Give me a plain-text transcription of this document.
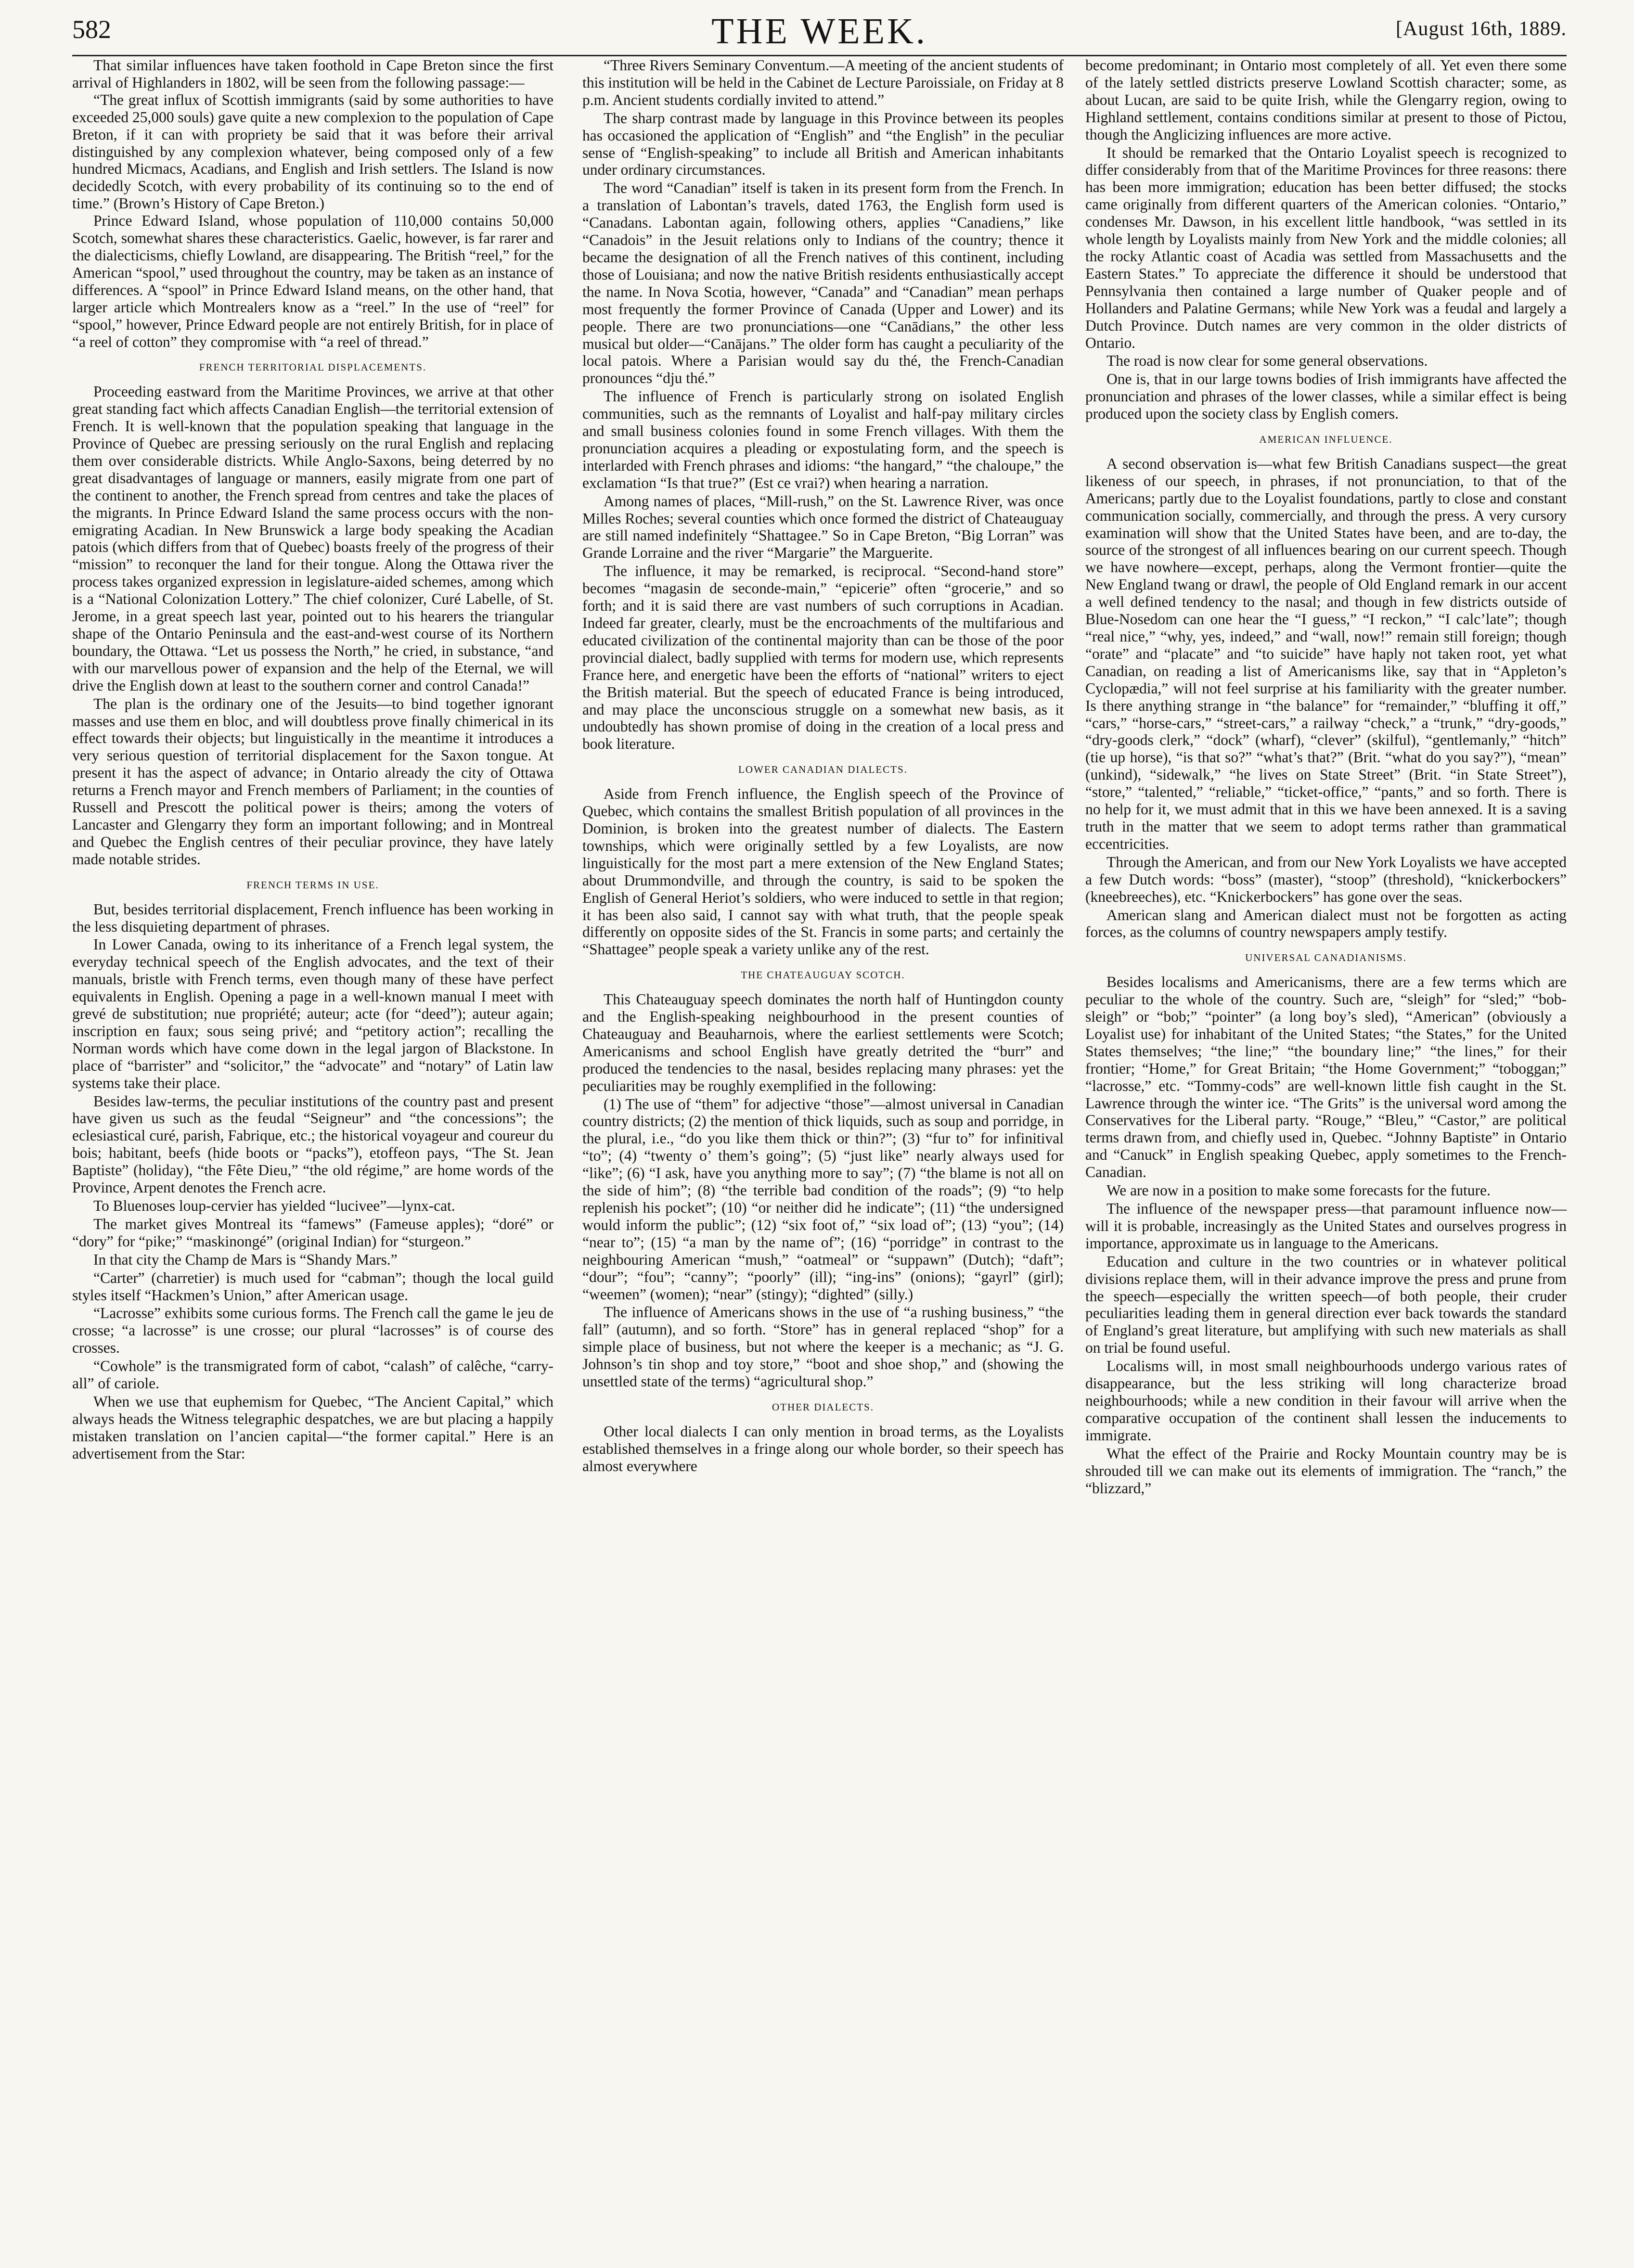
582	THE WEEK.	[August 16th, 1889.

That similar influences have taken foothold in Cape Breton since the first arrival of Highlanders in 1802, will be seen from the following passage:—

“The great influx of Scottish immigrants (said by some authorities to have exceeded 25,000 souls) gave quite a new complexion to the population of Cape Breton, if it can with propriety be said that it was before their arrival distinguished by any complexion whatever, being composed only of a few hundred Micmacs, Acadians, and English and Irish settlers. The Island is now decidedly Scotch, with every probability of its continuing so to the end of time.” (Brown’s History of Cape Breton.)

Prince Edward Island, whose population of 110,000 contains 50,000 Scotch, somewhat shares these characteristics. Gaelic, however, is far rarer and the dialecticisms, chiefly Lowland, are disappearing. The British “reel,” for the American “spool,” used throughout the country, may be taken as an instance of differences. A “spool” in Prince Edward Island means, on the other hand, that larger article which Montrealers know as a “reel.” In the use of “reel” for “spool,” however, Prince Edward people are not entirely British, for in place of “a reel of cotton” they compromise with “a reel of thread.”

FRENCH TERRITORIAL DISPLACEMENTS.

Proceeding eastward from the Maritime Provinces, we arrive at that other great standing fact which affects Canadian English—the territorial extension of French. It is well-known that the population speaking that language in the Province of Quebec are pressing seriously on the rural English and replacing them over considerable districts. While Anglo-Saxons, being deterred by no great disadvantages of language or manners, easily migrate from one part of the continent to another, the French spread from centres and take the places of the migrants. In Prince Edward Island the same process occurs with the non-emigrating Acadian. In New Brunswick a large body speaking the Acadian patois (which differs from that of Quebec) boasts freely of the progress of their “mission” to reconquer the land for their tongue. Along the Ottawa river the process takes organized expression in legislature-aided schemes, among which is a “National Colonization Lottery.” The chief colonizer, Curé Labelle, of St. Jerome, in a great speech last year, pointed out to his hearers the triangular shape of the Ontario Peninsula and the east-and-west course of its Northern boundary, the Ottawa. “Let us possess the North,” he cried, in substance, “and with our marvellous power of expansion and the help of the Eternal, we will drive the English down at least to the southern corner and control Canada!”

The plan is the ordinary one of the Jesuits—to bind together ignorant masses and use them en bloc, and will doubtless prove finally chimerical in its effect towards their objects; but linguistically in the meantime it introduces a very serious question of territorial displacement for the Saxon tongue. At present it has the aspect of advance; in Ontario already the city of Ottawa returns a French mayor and French members of Parliament; in the counties of Russell and Prescott the political power is theirs; among the voters of Lancaster and Glengarry they form an important following; and in Montreal and Quebec the English centres of their peculiar province, they have lately made notable strides.

FRENCH TERMS IN USE.

But, besides territorial displacement, French influence has been working in the less disquieting department of phrases.

In Lower Canada, owing to its inheritance of a French legal system, the everyday technical speech of the English advocates, and the text of their manuals, bristle with French terms, even though many of these have perfect equivalents in English. Opening a page in a well-known manual I meet with grevé de substitution; nue propriété; auteur; acte (for “deed”); auteur again; inscription en faux; sous seing privé; and “petitory action”; recalling the Norman words which have come down in the legal jargon of Blackstone. In place of “barrister” and “solicitor,” the “advocate” and “notary” of Latin law systems take their place.

Besides law-terms, the peculiar institutions of the country past and present have given us such as the feudal “Seigneur” and “the concessions”; the eclesiastical curé, parish, Fabrique, etc.; the historical voyageur and coureur du bois; habitant, beefs (hide boots or “packs”), etoffeon pays, “The St. Jean Baptiste” (holiday), “the Fête Dieu,” “the old régime,” are home words of the Province, Arpent denotes the French acre.

To Bluenoses loup-cervier has yielded “lucivee”—lynx-cat.

The market gives Montreal its “famews” (Fameuse apples); “doré” or “dory” for “pike;” “maskinongé” (original Indian) for “sturgeon.”

In that city the Champ de Mars is “Shandy Mars.”

“Carter” (charretier) is much used for “cabman”; though the local guild styles itself “Hackmen’s Union,” after American usage.

“Lacrosse” exhibits some curious forms. The French call the game le jeu de crosse; “a lacrosse” is une crosse; our plural “lacrosses” is of course des crosses.

“Cowhole” is the transmigrated form of cabot, “calash” of calêche, “carry-all” of cariole.

When we use that euphemism for Quebec, “The Ancient Capital,” which always heads the Witness telegraphic despatches, we are but placing a happily mistaken translation on l’ancien capital—“the former capital.” Here is an advertisement from the Star:

“Three Rivers Seminary Conventum.—A meeting of the ancient students of this institution will be held in the Cabinet de Lecture Paroissiale, on Friday at 8 p.m. Ancient students cordially invited to attend.”

The sharp contrast made by language in this Province between its peoples has occasioned the application of “English” and “the English” in the peculiar sense of “English-speaking” to include all British and American inhabitants under ordinary circumstances.

The word “Canadian” itself is taken in its present form from the French. In a translation of Labontan’s travels, dated 1763, the English form used is “Canadans. Labontan again, following others, applies “Canadiens,” like “Canadois” in the Jesuit relations only to Indians of the country; thence it became the designation of all the French natives of this continent, including those of Louisiana; and now the native British residents enthusiastically accept the name. In Nova Scotia, however, “Canada” and “Canadian” mean perhaps most frequently the former Province of Canada (Upper and Lower) and its people. There are two pronunciations—one “Canādians,” the other less musical but older—“Canājans.” The older form has caught a peculiarity of the local patois. Where a Parisian would say du thé, the French-Canadian pronounces “dju thé.”

The influence of French is particularly strong on isolated English communities, such as the remnants of Loyalist and half-pay military circles and small business colonies found in some French villages. With them the pronunciation acquires a pleading or expostulating form, and the speech is interlarded with French phrases and idioms: “the hangard,” “the chaloupe,” the exclamation “Is that true?” (Est ce vrai?) when hearing a narration.

Among names of places, “Mill-rush,” on the St. Lawrence River, was once Milles Roches; several counties which once formed the district of Chateauguay are still named indefinitely “Shattagee.” So in Cape Breton, “Big Lorran” was Grande Lorraine and the river “Margarie” the Marguerite.

The influence, it may be remarked, is reciprocal. “Second-hand store” becomes “magasin de seconde-main,” “epicerie” often “grocerie,” and so forth; and it is said there are vast numbers of such corruptions in Acadian. Indeed far greater, clearly, must be the encroachments of the multifarious and educated civilization of the continental majority than can be those of the poor provincial dialect, badly supplied with terms for modern use, which represents France here, and energetic have been the efforts of “national” writers to eject the British material. But the speech of educated France is being introduced, and may place the unconscious struggle on a somewhat new basis, as it undoubtedly has shown promise of doing in the creation of a local press and book literature.

LOWER CANADIAN DIALECTS.

Aside from French influence, the English speech of the Province of Quebec, which contains the smallest British population of all provinces in the Dominion, is broken into the greatest number of dialects. The Eastern townships, which were originally settled by a few Loyalists, are now linguistically for the most part a mere extension of the New England States; about Drummondville, and through the country, is said to be spoken the English of General Heriot’s soldiers, who were induced to settle in that region; it has been also said, I cannot say with what truth, that the people speak differently on opposite sides of the St. Francis in some parts; and certainly the “Shattagee” people speak a variety unlike any of the rest.

THE CHATEAUGUAY SCOTCH.

This Chateauguay speech dominates the north half of Huntingdon county and the English-speaking neighbourhood in the present counties of Chateauguay and Beauharnois, where the earliest settlements were Scotch; Americanisms and school English have greatly detrited the “burr” and produced the tendencies to the nasal, besides replacing many phrases: yet the peculiarities may be roughly exemplified in the following:

(1) The use of “them” for adjective “those”—almost universal in Canadian country districts; (2) the mention of thick liquids, such as soup and porridge, in the plural, i.e., “do you like them thick or thin?”; (3) “fur to” for infinitival “to”; (4) “twenty o’ them’s going”; (5) “just like” nearly always used for “like”; (6) “I ask, have you anything more to say”; (7) “the blame is not all on the side of him”; (8) “the terrible bad condition of the roads”; (9) “to help replenish his pocket”; (10) “or neither did he indicate”; (11) “the undersigned would inform the public”; (12) “six foot of,” “six load of”; (13) “you”; (14) “near to”; (15) “a man by the name of”; (16) “porridge” in contrast to the neighbouring American “mush,” “oatmeal” or “suppawn” (Dutch); “daft”; “dour”; “fou”; “canny”; “poorly” (ill); “ing-ins” (onions); “gayrl” (girl); “weemen” (women); “near” (stingy); “dighted” (silly.)

The influence of Americans shows in the use of “a rushing business,” “the fall” (autumn), and so forth. “Store” has in general replaced “shop” for a simple place of business, but not where the keeper is a mechanic; as “J. G. Johnson’s tin shop and toy store,” “boot and shoe shop,” and (showing the unsettled state of the terms) “agricultural shop.”

OTHER DIALECTS.

Other local dialects I can only mention in broad terms, as the Loyalists established themselves in a fringe along our whole border, so their speech has almost everywhere

become predominant; in Ontario most completely of all. Yet even there some of the lately settled districts preserve Lowland Scottish character; some, as about Lucan, are said to be quite Irish, while the Glengarry region, owing to Highland settlement, contains conditions similar at present to those of Pictou, though the Anglicizing influences are more active.

It should be remarked that the Ontario Loyalist speech is recognized to differ considerably from that of the Maritime Provinces for three reasons: there has been more immigration; education has been better diffused; the stocks came originally from different quarters of the American colonies. “Ontario,” condenses Mr. Dawson, in his excellent little handbook, “was settled in its whole length by Loyalists mainly from New York and the middle colonies; all the rocky Atlantic coast of Acadia was settled from Massachusetts and the Eastern States.” To appreciate the difference it should be understood that Pennsylvania then contained a large number of Quaker people and of Hollanders and Palatine Germans; while New York was a feudal and largely a Dutch Province. Dutch names are very common in the older districts of Ontario.

The road is now clear for some general observations.

One is, that in our large towns bodies of Irish immigrants have affected the pronunciation and phrases of the lower classes, while a similar effect is being produced upon the society class by English comers.

AMERICAN INFLUENCE.

A second observation is—what few British Canadians suspect—the great likeness of our speech, in phrases, if not pronunciation, to that of the Americans; partly due to the Loyalist foundations, partly to close and constant communication socially, commercially, and through the press. A very cursory examination will show that the United States have been, and are to-day, the source of the strongest of all influences bearing on our current speech. Though we have nowhere—except, perhaps, along the Vermont frontier—quite the New England twang or drawl, the people of Old England remark in our accent a well defined tendency to the nasal; and though in few districts outside of Blue-Nosedom can one hear the “I guess,” “I reckon,” “I calc’late”; though “real nice,” “why, yes, indeed,” and “wall, now!” remain still foreign; though “orate” and “placate” and “to suicide” have haply not taken root, yet what Canadian, on reading a list of Americanisms like, say that in “Appleton’s Cyclopædia,” will not feel surprise at his familiarity with the greater number. Is there anything strange in “the balance” for “remainder,” “bluffing it off,” “cars,” “horse-cars,” “street-cars,” a railway “check,” a “trunk,” “dry-goods,” “dry-goods clerk,” “dock” (wharf), “clever” (skilful), “gentlemanly,” “hitch” (tie up horse), “is that so?” “what’s that?” (Brit. “what do you say?”), “mean” (unkind), “sidewalk,” “he lives on State Street” (Brit. “in State Street”), “store,” “talented,” “reliable,” “ticket-office,” “pants,” and so forth. There is no help for it, we must admit that in this we have been annexed. It is a saving truth in the matter that we seem to adopt terms rather than grammatical eccentricities.

Through the American, and from our New York Loyalists we have accepted a few Dutch words: “boss” (master), “stoop” (threshold), “knickerbockers” (kneebreeches), etc. “Knickerbockers” has gone over the seas.

American slang and American dialect must not be forgotten as acting forces, as the columns of country newspapers amply testify.

UNIVERSAL CANADIANISMS.

Besides localisms and Americanisms, there are a few terms which are peculiar to the whole of the country. Such are, “sleigh” for “sled;” “bob-sleigh” or “bob;” “pointer” (a long boy’s sled), “American” (obviously a Loyalist use) for inhabitant of the United States; “the States,” for the United States themselves; “the line;” “the boundary line;” “the lines,” for their frontier; “Home,” for Great Britain; “the Home Government;” “toboggan;” “lacrosse,” etc. “Tommy-cods” are well-known little fish caught in the St. Lawrence through the winter ice. “The Grits” is the universal word among the Conservatives for the Liberal party. “Rouge,” “Bleu,” “Castor,” are political terms drawn from, and chiefly used in, Quebec. “Johnny Baptiste” in Ontario and “Canuck” in English speaking Quebec, apply sometimes to the French-Canadian.

We are now in a position to make some forecasts for the future.

The influence of the newspaper press—that paramount influence now—will it is probable, increasingly as the United States and ourselves progress in importance, approximate us in language to the Americans.

Education and culture in the two countries or in whatever political divisions replace them, will in their advance improve the press and prune from the speech—especially the written speech—of both people, their cruder peculiarities leading them in general direction ever back towards the standard of England’s great literature, but amplifying with such new materials as shall on trial be found useful.

Localisms will, in most small neighbourhoods undergo various rates of disappearance, but the less striking will long characterize broad neighbourhoods; while a new condition in their favour will arrive when the comparative occupation of the continent shall lessen the inducements to immigrate.

What the effect of the Prairie and Rocky Mountain country may be is shrouded till we can make out its elements of immigration. The “ranch,” the “blizzard,”
